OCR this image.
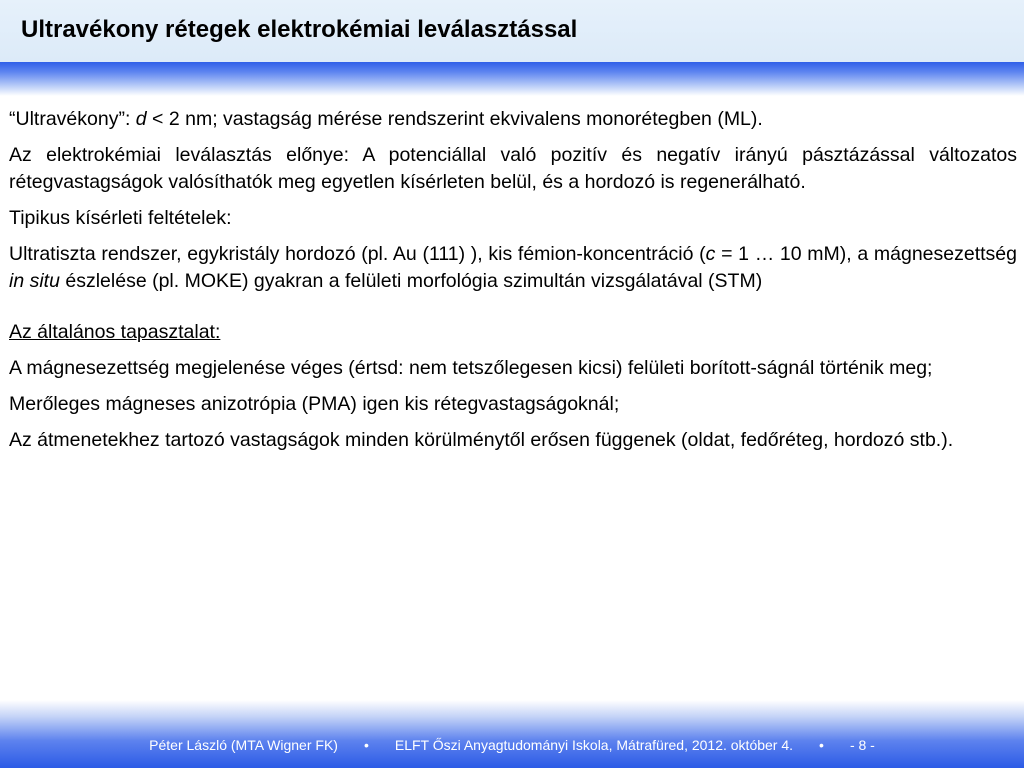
Ultravékony rétegek elektrokémiai leválasztással

“Ultravékony”: d < 2 nm; vastagság mérése rendszerint ekvivalens monorétegben (ML).

Az elektrokémiai leválasztás előnye: A potenciállal való pozitív és negatív irányú pásztázással változatos rétegvastagságok valósíthatók meg egyetlen kísérleten belül, és a hordozó is regenerálható.

Tipikus kísérleti feltételek:

Ultratiszta rendszer, egykristály hordozó (pl. Au (111) ), kis fémion-koncentráció (c = 1 … 10 mM), a mágnesezettség in situ észlelése (pl. MOKE) gyakran a felületi morfológia szimultán vizsgálatával (STM)

Az általános tapasztalat:

A mágnesezettség megjelenése véges (értsd: nem tetszőlegesen kicsi) felületi borított-ságnál történik meg;

Merőleges mágneses anizotrópia (PMA) igen kis rétegvastagságoknál;

Az átmenetekhez tartozó vastagságok minden körülménytől erősen függenek (oldat, fedőréteg, hordozó stb.).

Péter László (MTA Wigner FK) • ELFT Őszi Anyagtudományi Iskola, Mátrafüred, 2012. október 4. • - 8 -
